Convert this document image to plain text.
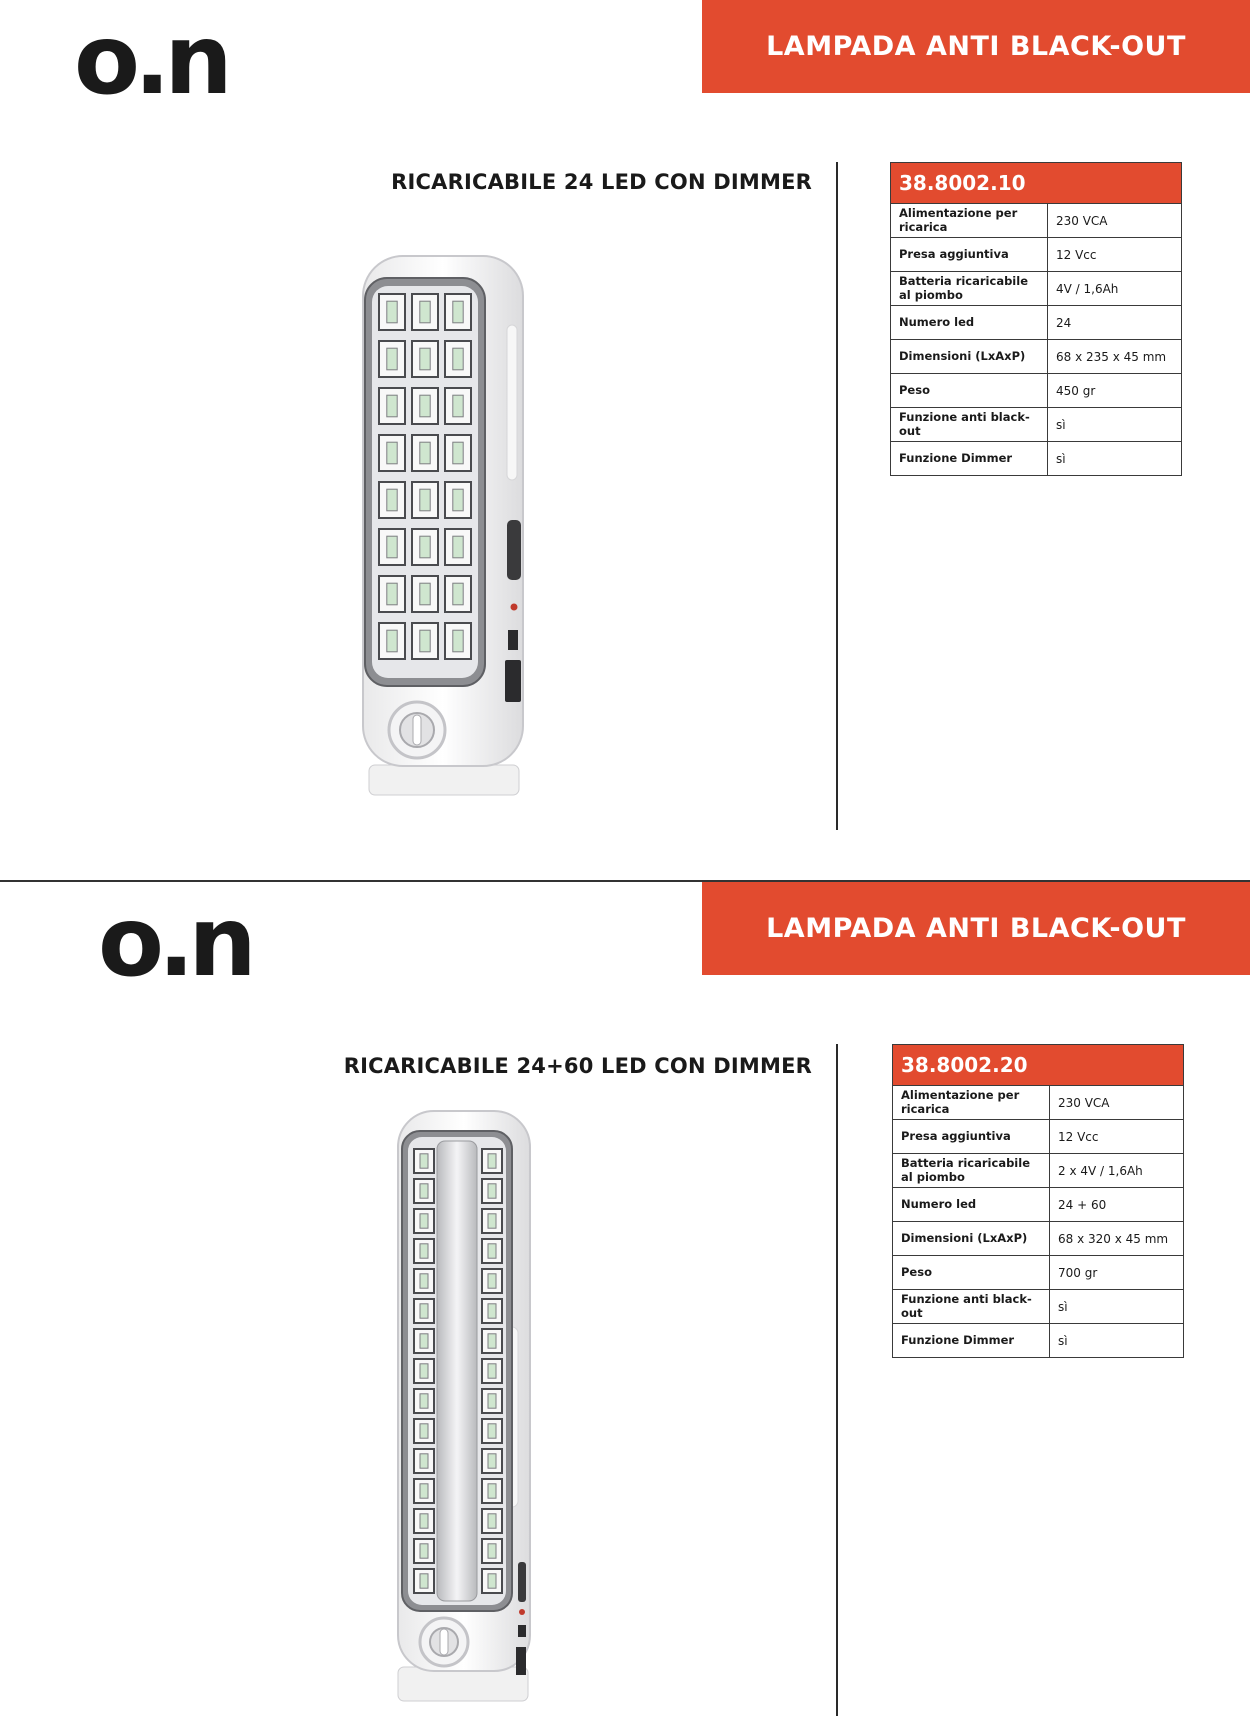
o.n	LAMPADA ANTI BLACK-OUT
RICARICABILE 24 LED CON DIMMER	38.8002.10	
Alimentazione per ricarica	230 VCA
Presa aggiuntiva	12 Vcc
Batteria ricaricabile al piombo	4V / 1,6Ah
Numero led	24
Dimensioni (LxAxP)	68 x 235 x 45 mm
Peso	450 gr
Funzione anti black-out	sì
Funzione Dimmer	sì
o.n	LAMPADA ANTI BLACK-OUT
RICARICABILE 24+60 LED CON DIMMER	38.8002.20	
Alimentazione per ricarica	230 VCA
Presa aggiuntiva	12 Vcc
Batteria ricaricabile al piombo	2 x 4V / 1,6Ah
Numero led	24 + 60
Dimensioni (LxAxP)	68 x 320 x 45 mm
Peso	700 gr
Funzione anti black-out	sì
Funzione Dimmer	sì
